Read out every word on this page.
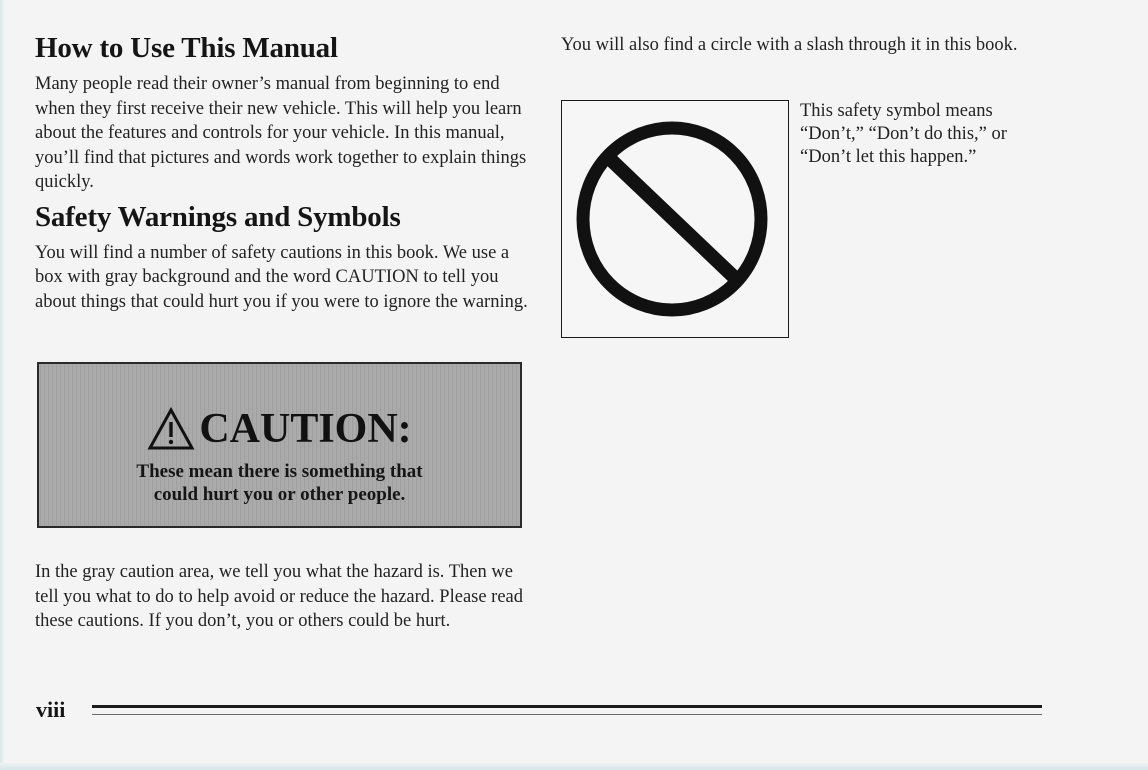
How to Use This Manual

Many people read their owner’s manual from beginning to end when they first receive their new vehicle. This will help you learn about the features and controls for your vehicle. In this manual, you’ll find that pictures and words work together to explain things quickly.

Safety Warnings and Symbols

You will find a number of safety cautions in this book. We use a box with gray background and the word CAUTION to tell you about things that could hurt you if you were to ignore the warning.

CAUTION:
These mean there is something that
could hurt you or other people.

In the gray caution area, we tell you what the hazard is. Then we tell you what to do to help avoid or reduce the hazard. Please read these cautions. If you don’t, you or others could be hurt.

You will also find a circle with a slash through it in this book.

This safety symbol means

“Don’t,” “Don’t do this,” or

“Don’t let this happen.”

viii
